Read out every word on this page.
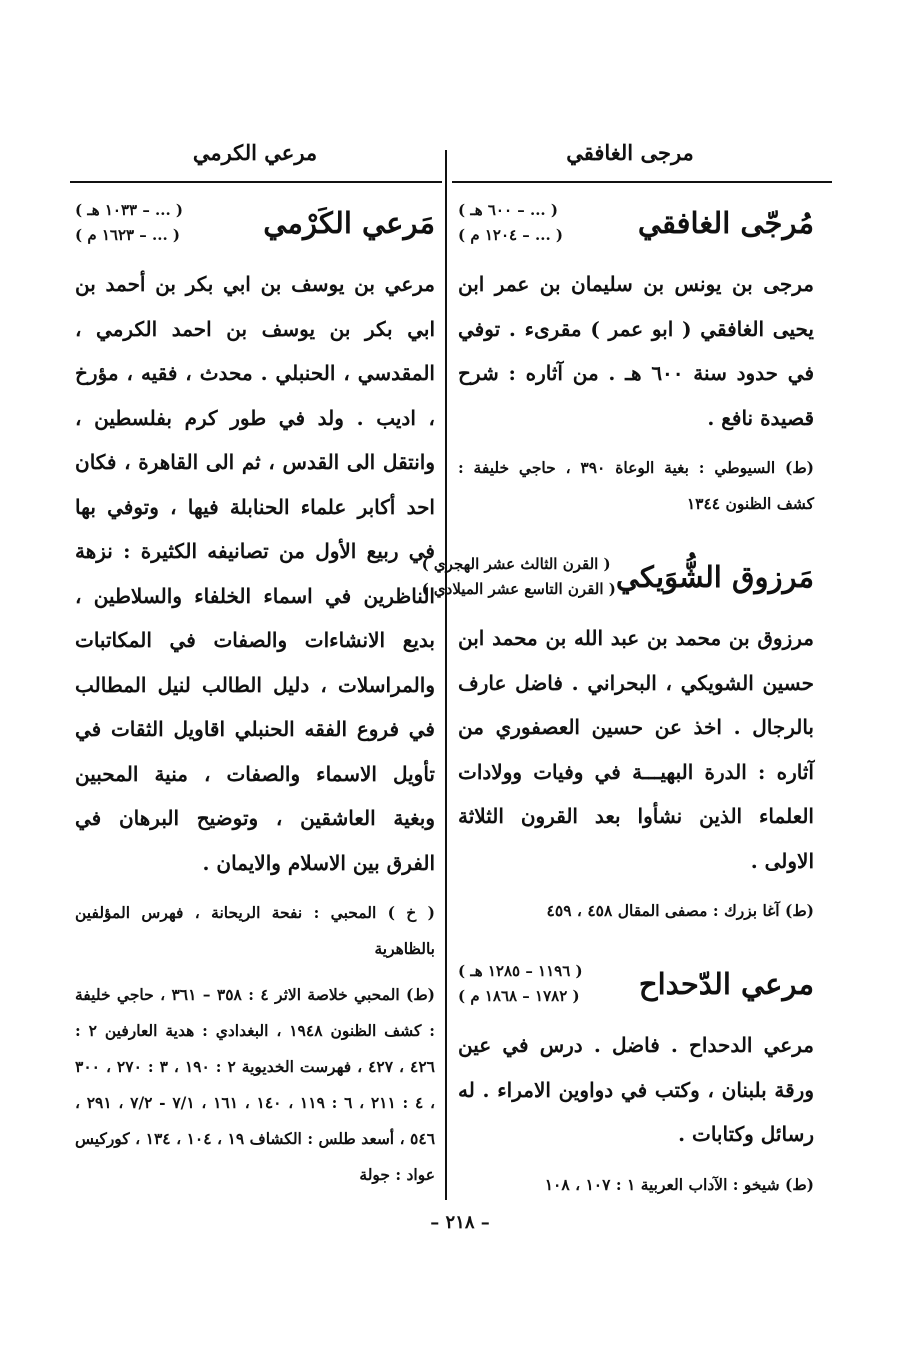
مرجى الغافقي
مرعي الكرمي
مُرجّى الغافقي
( ... – ٦٠٠ هـ )
( ... – ١٢٠٤ م )

مرجى بن يونس بن سليمان بن عمر ابن يحيى الغافقي ( ابو عمر ) مقرىء . توفي في حدود سنة ٦٠٠ هـ . من آثاره : شرح قصيدة نافع .

(ط) السيوطي : بغية الوعاة ٣٩٠ ، حاجي خليفة : كشف الظنون ١٣٤٤

مَرزوق الشُّوَيكي
( القرن الثالث عشر الهجري )
( القرن التاسع عشر الميلادي )

مرزوق بن محمد بن عبد الله بن محمد ابن حسين الشويكي ، البحراني . فاضل عارف بالرجال . اخذ عن حسين العصفوري من آثاره : الدرة البهيـــة في وفيات وولادات العلماء الذين نشأوا بعد القرون الثلاثة الاولى .

(ط) آغا بزرك : مصفى المقال ٤٥٨ ، ٤٥٩

مرعي الدّحداح
( ١١٩٦ – ١٢٨٥ هـ )
( ١٧٨٢ – ١٨٦٨ م )

مرعي الدحداح . فاضل . درس في عين ورقة بلبنان ، وكتب في دواوين الامراء . له رسائل وكتابات .

(ط) شيخو : الآداب العربية ١ : ١٠٧ ، ١٠٨

مَرعي الكَرْمي
( ... – ١٠٣٣ هـ )
( ... – ١٦٢٣ م )

مرعي بن يوسف بن ابي بكر بن أحمد بن ابي بكر بن يوسف بن احمد الكرمي ، المقدسي ، الحنبلي . محدث ، فقيه ، مؤرخ ، اديب . ولد في طور كرم بفلسطين ، وانتقل الى القدس ، ثم الى القاهرة ، فكان احد أكابر علماء الحنابلة فيها ، وتوفي بها في ربيع الأول من تصانيفه الكثيرة : نزهة الناظرين في اسماء الخلفاء والسلاطين ، بديع الانشاءات والصفات في المكاتبات والمراسلات ، دليل الطالب لنيل المطالب في فروع الفقه الحنبلي اقاويل الثقات في تأويل الاسماء والصفات ، منية المحبين وبغية العاشقين ، وتوضيح البرهان في الفرق بين الاسلام والايمان .

( خ ) المحبي : نفحة الريحانة ، فهرس المؤلفين بالظاهرية

(ط) المحبي خلاصة الاثر ٤ : ٣٥٨ – ٣٦١ ، حاجي خليفة : كشف الظنون ١٩٤٨ ، البغدادي : هدية العارفين ٢ : ٤٢٦ ، ٤٢٧ ، فهرست الخديوية ٢ : ١٩٠ ، ٣ : ٢٧٠ ، ٣٠٠ ، ٤ : ٢١١ ، ٦ : ١١٩ ، ١٤٠ ، ١٦١ ، ٧/١ - ٧/٢ ، ٢٩١ ، ٥٤٦ ، أسعد طلس : الكشاف ١٩ ، ١٠٤ ، ١٣٤ ، كوركيس عواد : جولة

– ٢١٨ –
